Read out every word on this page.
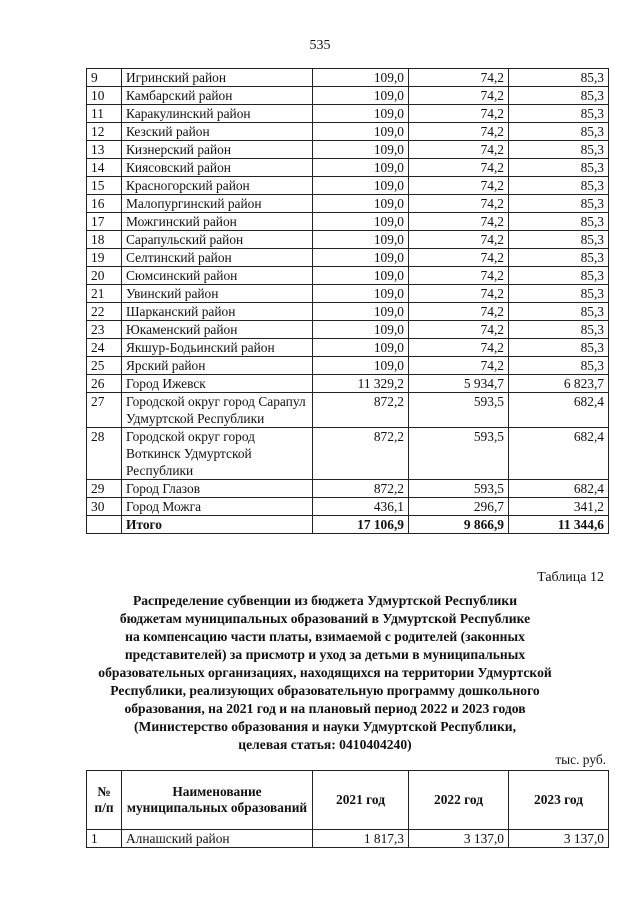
535
9	Игринский район	109,0	74,2	85,3
10	Камбарский район	109,0	74,2	85,3
11	Каракулинский район	109,0	74,2	85,3
12	Кезский район	109,0	74,2	85,3
13	Кизнерский район	109,0	74,2	85,3
14	Киясовский район	109,0	74,2	85,3
15	Красногорский район	109,0	74,2	85,3
16	Малопургинский район	109,0	74,2	85,3
17	Можгинский район	109,0	74,2	85,3
18	Сарапульский район	109,0	74,2	85,3
19	Селтинский район	109,0	74,2	85,3
20	Сюмсинский район	109,0	74,2	85,3
21	Увинский район	109,0	74,2	85,3
22	Шарканский район	109,0	74,2	85,3
23	Юкаменский район	109,0	74,2	85,3
24	Якшур-Бодьинский район	109,0	74,2	85,3
25	Ярский район	109,0	74,2	85,3
26	Город Ижевск	11 329,2	5 934,7	6 823,7
27	Городской округ город Сарапул Удмуртской Республики	872,2	593,5	682,4
28	Городской округ город Воткинск Удмуртской Республики	872,2	593,5	682,4
29	Город Глазов	872,2	593,5	682,4
30	Город Можга	436,1	296,7	341,2
	Итого	17 106,9	9 866,9	11 344,6
Таблица 12
Распределение субвенции из бюджета Удмуртской Республики
бюджетам муниципальных образований в Удмуртской Республике
на компенсацию части платы, взимаемой с родителей (законных
представителей) за присмотр и уход за детьми в муниципальных
образовательных организациях, находящихся на территории Удмуртской
Республики, реализующих образовательную программу дошкольного
образования, на 2021 год и на плановый период 2022 и 2023 годов
(Министерство образования и науки Удмуртской Республики,
целевая статья: 0410404240)
тыс. руб.
№ п/п	Наименование муниципальных образований	2021 год	2022 год	2023 год
1	Алнашский район	1 817,3	3 137,0	3 137,0
